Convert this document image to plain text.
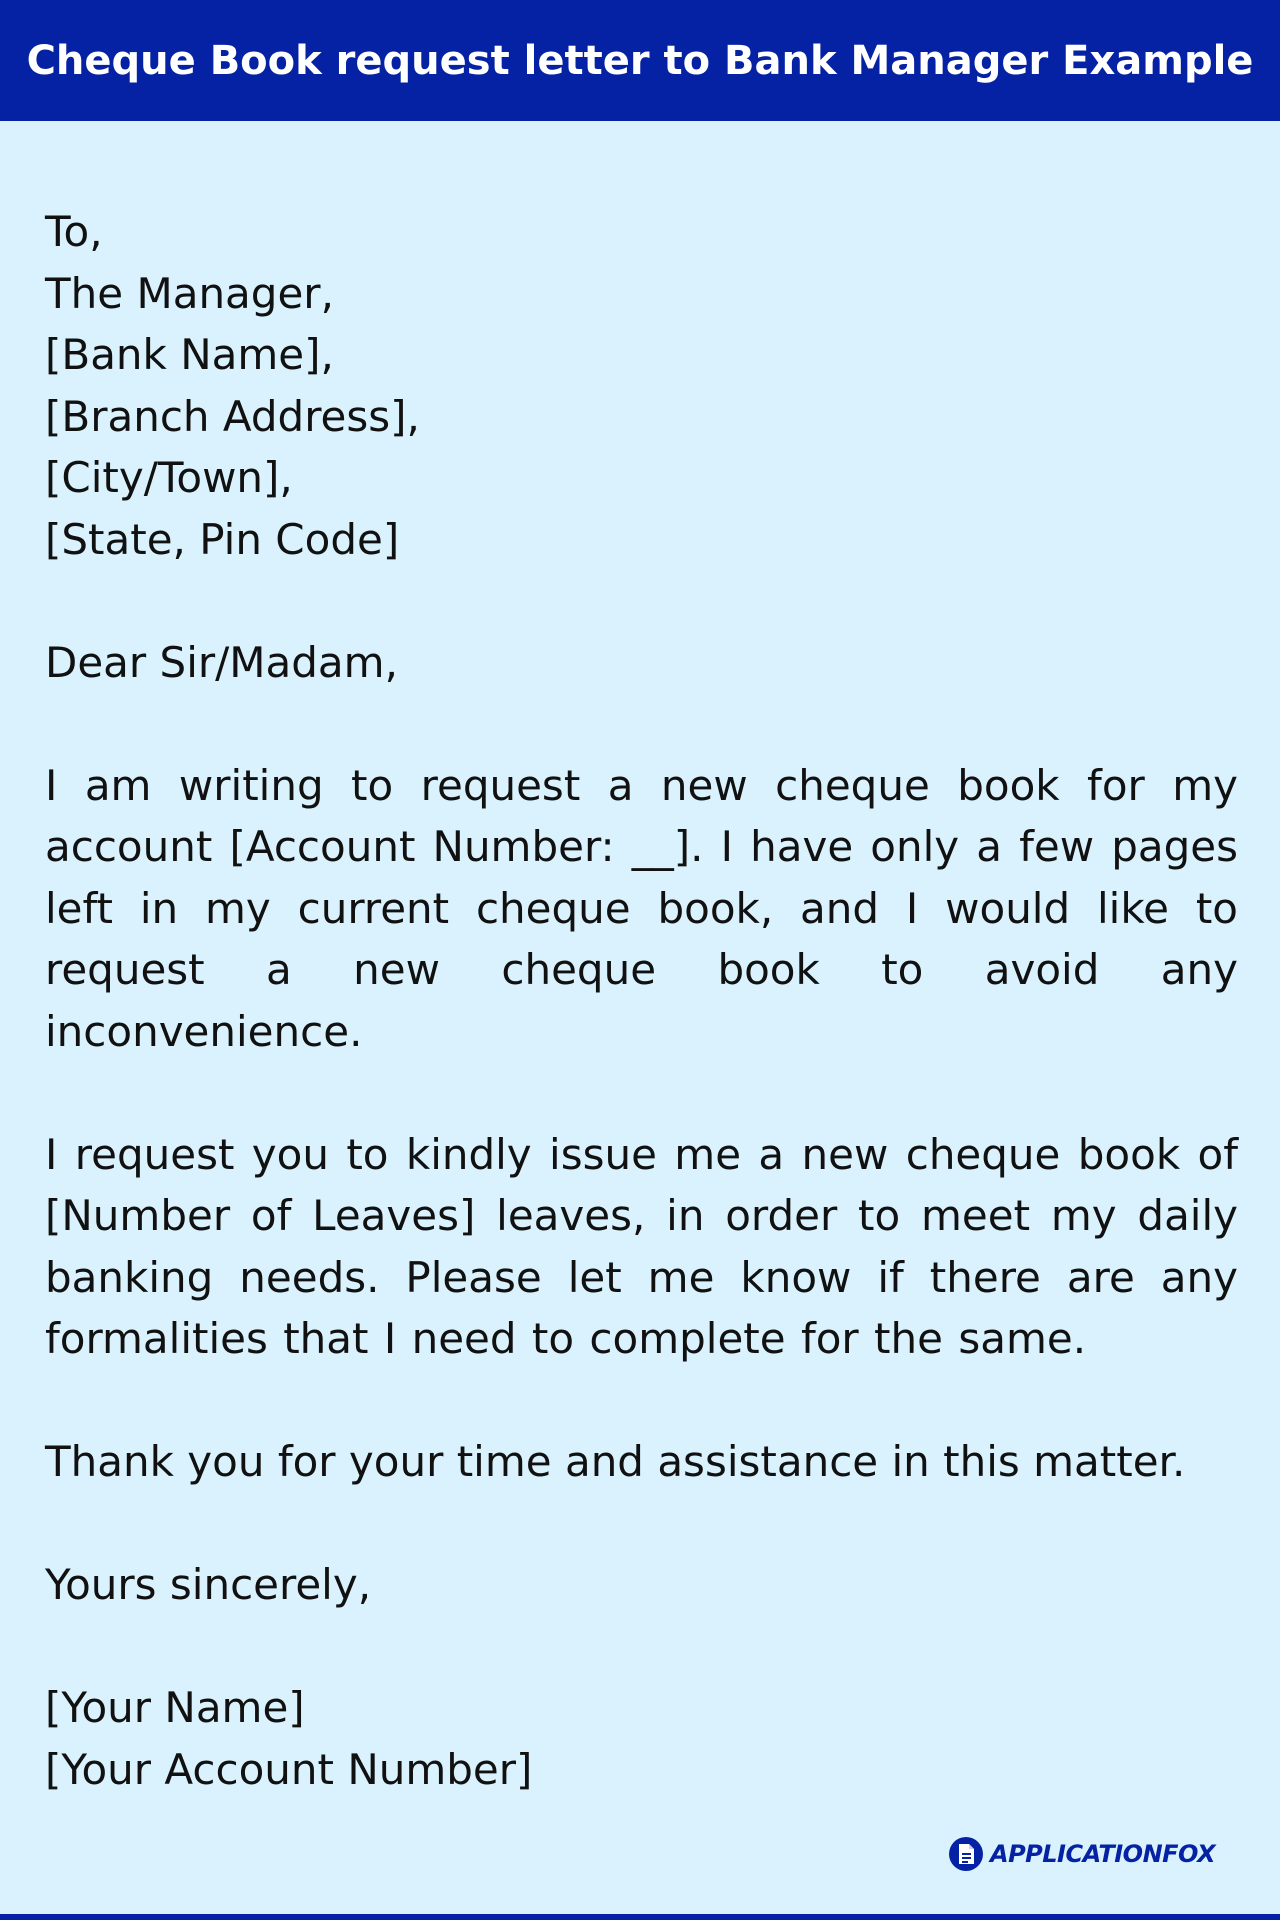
Cheque Book request letter to Bank Manager Example
To,
The Manager,
[Bank Name],
[Branch Address],
[City/Town],
[State, Pin Code]
Dear Sir/Madam,
I am writing to request a new cheque book for my account [Account Number: __]. I have only a few pages left in my current cheque book, and I would like to request a new cheque book to avoid any inconvenience.
I request you to kindly issue me a new cheque book of [Number of Leaves] leaves, in order to meet my daily banking needs. Please let me know if there are any formalities that I need to complete for the same.
Thank you for your time and assistance in this matter.
Yours sincerely,
[Your Name]
[Your Account Number]
APPLICATIONFOX
